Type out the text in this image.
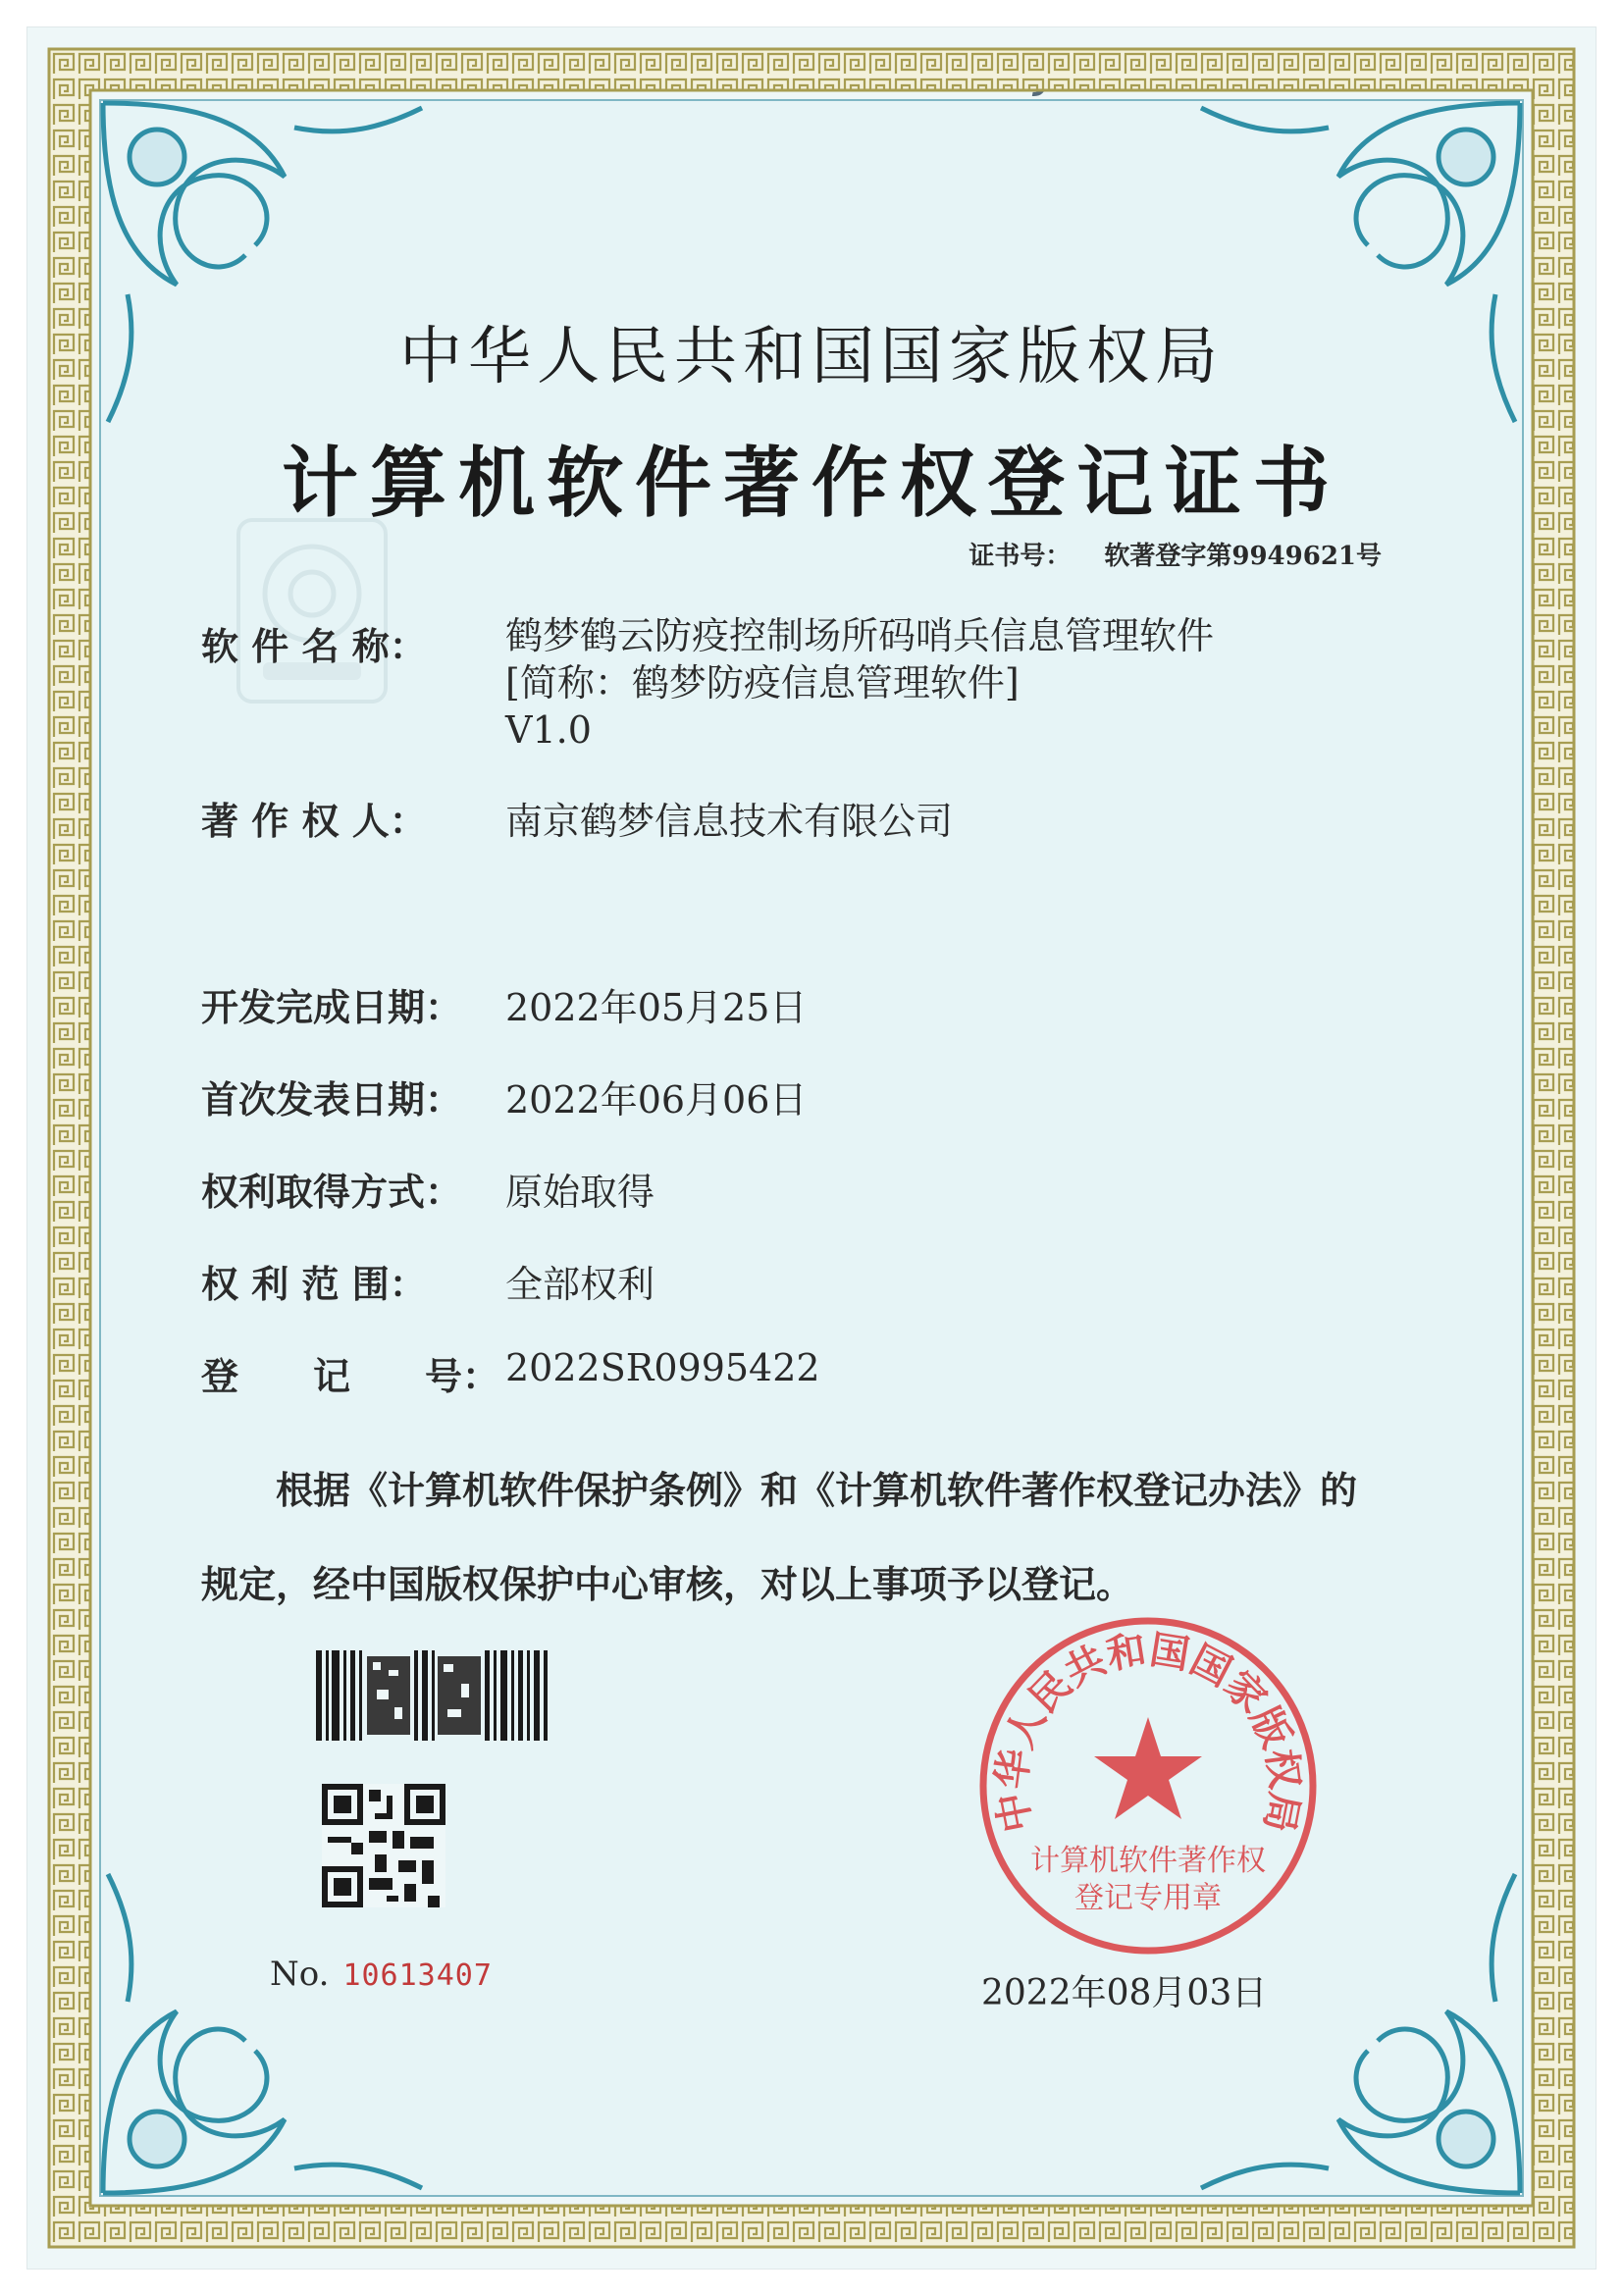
中华人民共和国国家版权局
计算机软件著作权登记证书
证书号： 软著登字第9949621号
软 件 名 称： 鹤梦鹤云防疫控制场所码哨兵信息管理软件
[简称：鹤梦防疫信息管理软件]
V1.0
著 作 权 人： 南京鹤梦信息技术有限公司
开发完成日期： 2022年05月25日
首次发表日期： 2022年06月06日
权利取得方式： 原始取得
权 利 范 围： 全部权利
登　　记　　号： 2022SR0995422
根据《计算机软件保护条例》和《计算机软件著作权登记办法》的
规定，经中国版权保护中心审核，对以上事项予以登记。
No. 10613407
中华人民共和国国家版权局
计算机软件著作权
登记专用章
2022年08月03日
